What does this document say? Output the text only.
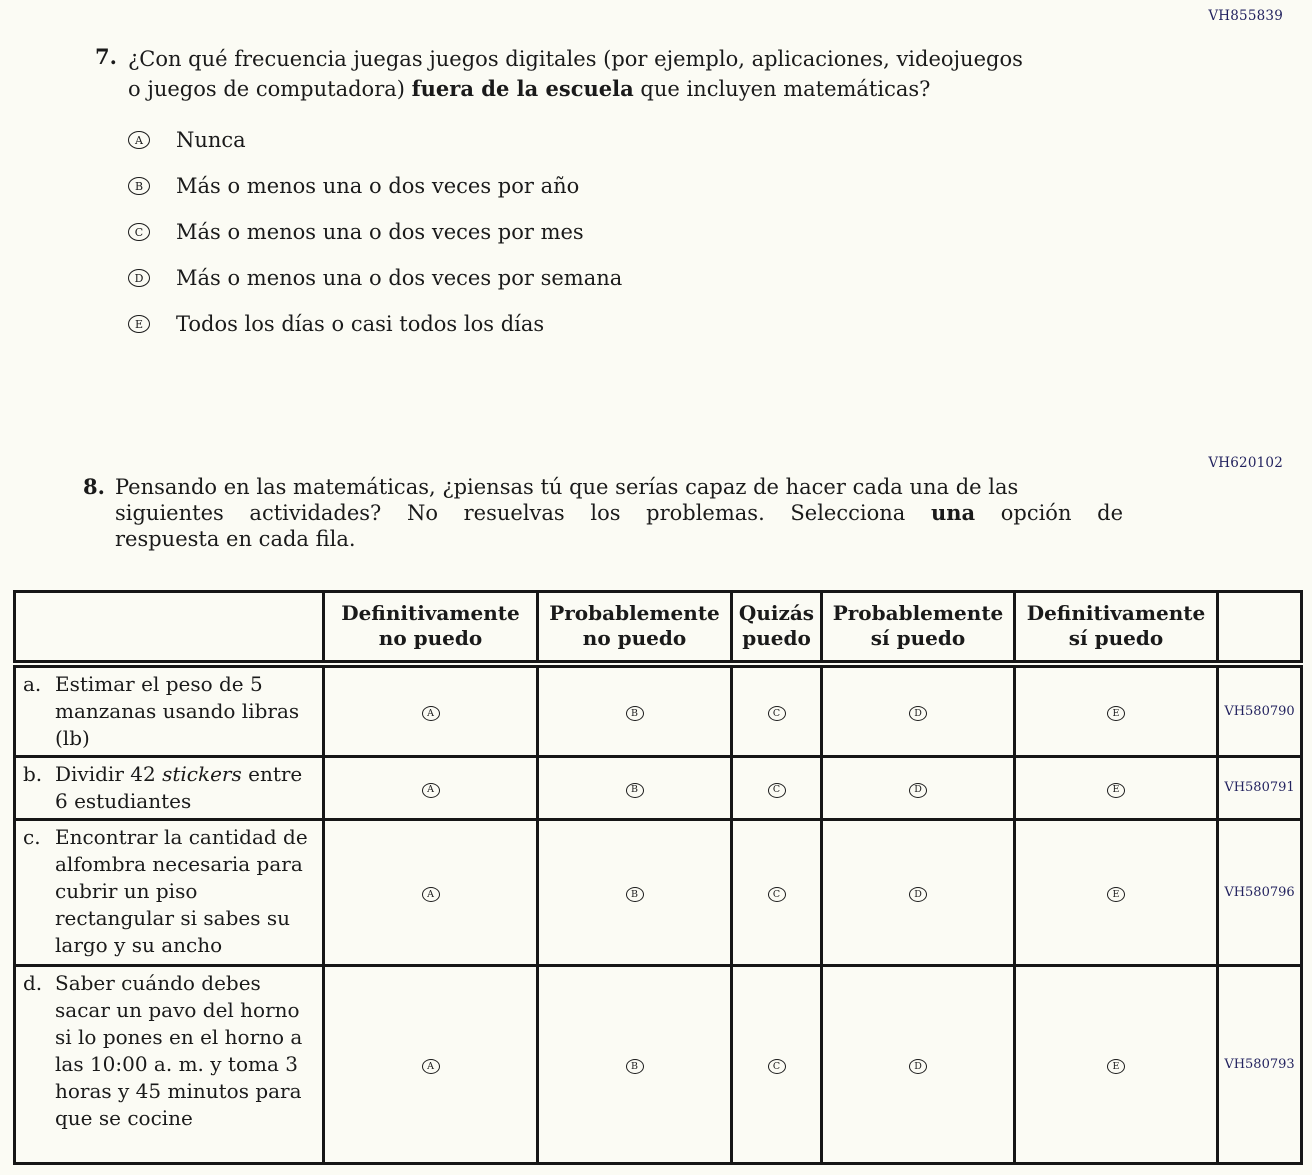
VH855839
7. ¿Con qué frecuencia juegas juegos digitales (por ejemplo, aplicaciones, videojuegos
o juegos de computadora) fuera de la escuela que incluyen matemáticas?
A	Nunca
B	Más o menos una o dos veces por año
C	Más o menos una o dos veces por mes
D	Más o menos una o dos veces por semana
E	Todos los días o casi todos los días
VH620102
8. Pensando en las matemáticas, ¿piensas tú que serías capaz de hacer cada una de las
siguientes actividades? No resuelvas los problemas. Selecciona una opción de
respuesta en cada fila.
	Definitivamente no puedo	Probablemente no puedo	Quizás puedo	Probablemente sí puedo	Definitivamente sí puedo	

a. Estimar el peso de 5 manzanas usando libras (lb)	A	B	C	D	E	VH580790

b. Dividir 42 stickers entre 6 estudiantes	A	B	C	D	E	VH580791

c. Encontrar la cantidad de alfombra necesaria para cubrir un piso rectangular si sabes su largo y su ancho	A	B	C	D	E	VH580796

d. Saber cuándo debes sacar un pavo del horno si lo pones en el horno a las 10:00 a. m. y toma 3 horas y 45 minutos para que se cocine	A	B	C	D	E	VH580793
